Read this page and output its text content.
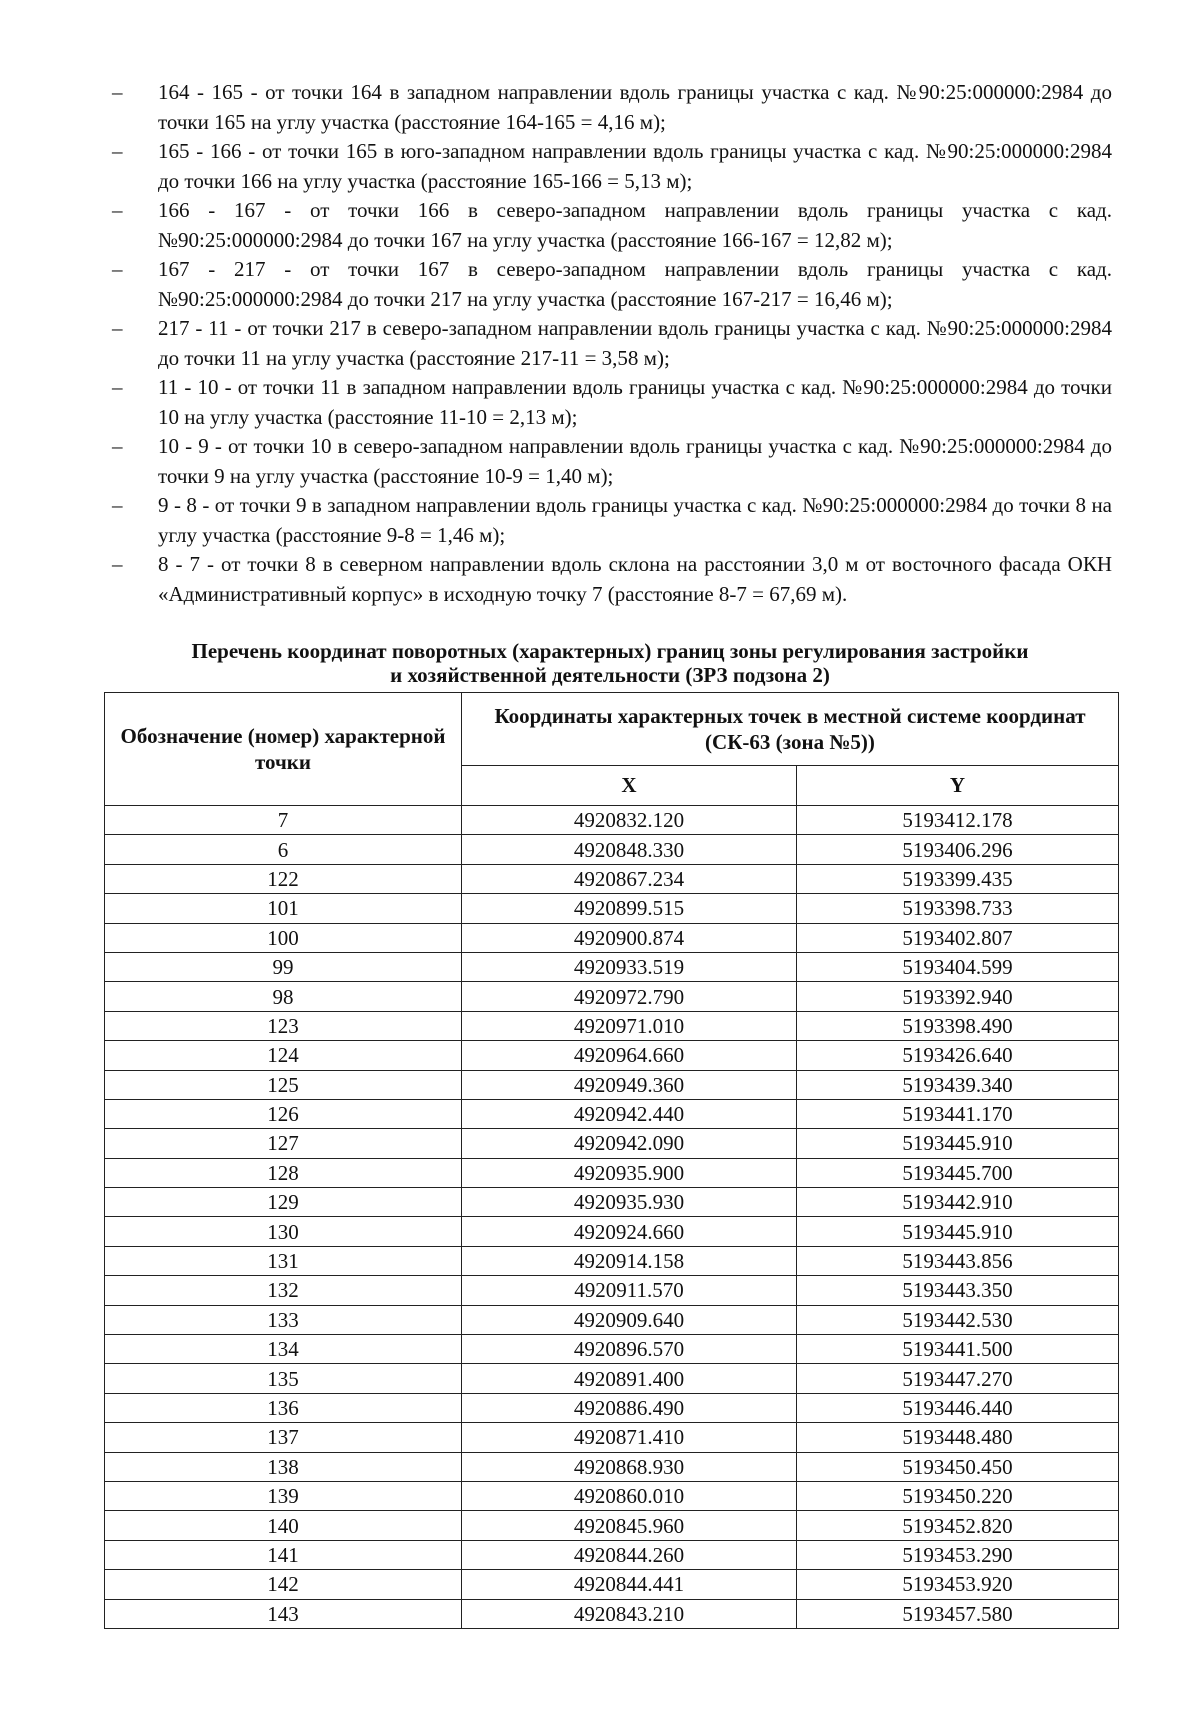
– 164 - 165 - от точки 164 в западном направлении вдоль границы участка с кад. №90:25:000000:2984 до точки 165 на углу участка (расстояние 164-165 = 4,16 м);
– 165 - 166 - от точки 165 в юго-западном направлении вдоль границы участка с кад. №90:25:000000:2984 до точки 166 на углу участка (расстояние 165-166 = 5,13 м);
– 166 - 167 - от точки 166 в северо-западном направлении вдоль границы участка с кад. №90:25:000000:2984 до точки 167 на углу участка (расстояние 166-167 = 12,82 м);
– 167 - 217 - от точки 167 в северо-западном направлении вдоль границы участка с кад. №90:25:000000:2984 до точки 217 на углу участка (расстояние 167-217 = 16,46 м);
– 217 - 11 - от точки 217 в северо-западном направлении вдоль границы участка с кад. №90:25:000000:2984 до точки 11 на углу участка (расстояние 217-11 = 3,58 м);
– 11 - 10 - от точки 11 в западном направлении вдоль границы участка с кад. №90:25:000000:2984 до точки 10 на углу участка (расстояние 11-10 = 2,13 м);
– 10 - 9 - от точки 10 в северо-западном направлении вдоль границы участка с кад. №90:25:000000:2984 до точки 9 на углу участка (расстояние 10-9 = 1,40 м);
– 9 - 8 - от точки 9 в западном направлении вдоль границы участка с кад. №90:25:000000:2984 до точки 8 на углу участка (расстояние 9-8 = 1,46 м);
– 8 - 7 - от точки 8 в северном направлении вдоль склона на расстоянии 3,0 м от восточного фасада ОКН «Административный корпус» в исходную точку 7 (расстояние 8-7 = 67,69 м).
Перечень координат поворотных (характерных) границ зоны регулирования застройки
и хозяйственной деятельности (ЗРЗ подзона 2)
Обозначение (номер) характерной точки	Координаты характерных точек в местной системе координат (СК-63 (зона №5))	
	X	Y
7	4920832.120	5193412.178
6	4920848.330	5193406.296
122	4920867.234	5193399.435
101	4920899.515	5193398.733
100	4920900.874	5193402.807
99	4920933.519	5193404.599
98	4920972.790	5193392.940
123	4920971.010	5193398.490
124	4920964.660	5193426.640
125	4920949.360	5193439.340
126	4920942.440	5193441.170
127	4920942.090	5193445.910
128	4920935.900	5193445.700
129	4920935.930	5193442.910
130	4920924.660	5193445.910
131	4920914.158	5193443.856
132	4920911.570	5193443.350
133	4920909.640	5193442.530
134	4920896.570	5193441.500
135	4920891.400	5193447.270
136	4920886.490	5193446.440
137	4920871.410	5193448.480
138	4920868.930	5193450.450
139	4920860.010	5193450.220
140	4920845.960	5193452.820
141	4920844.260	5193453.290
142	4920844.441	5193453.920
143	4920843.210	5193457.580
